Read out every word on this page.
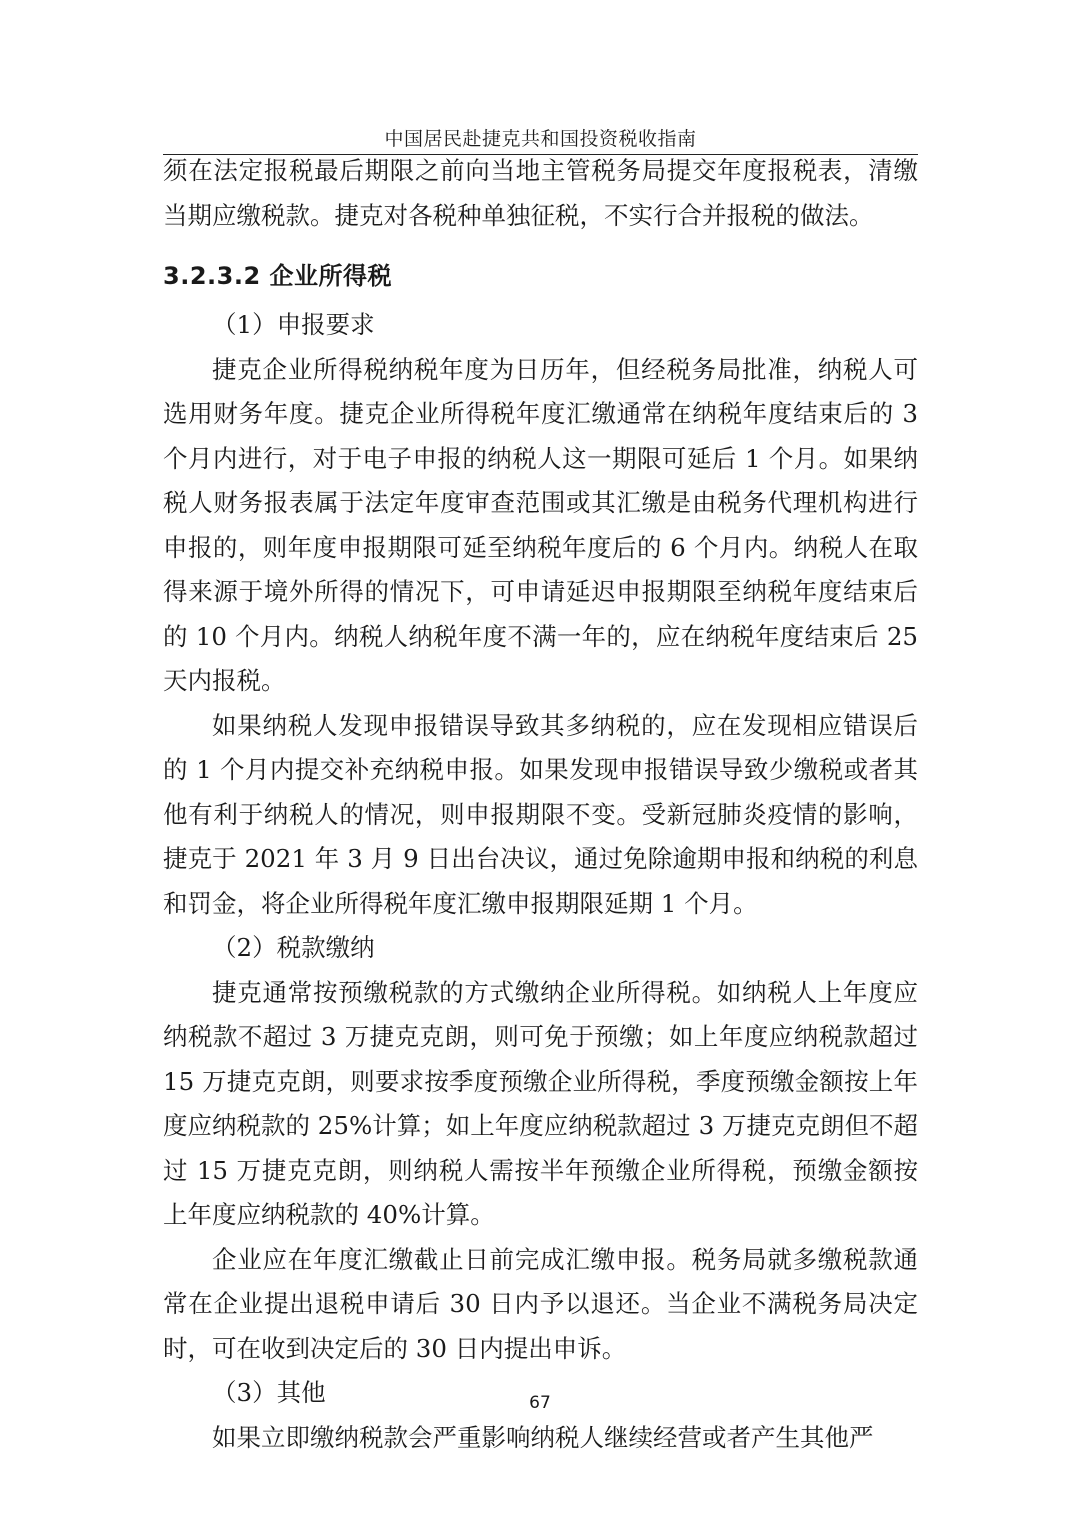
中国居民赴捷克共和国投资税收指南

须在法定报税最后期限之前向当地主管税务局提交年度报税表，清缴当期应缴税款。捷克对各税种单独征税，不实行合并报税的做法。

3.2.3.2 企业所得税

（1）申报要求

捷克企业所得税纳税年度为日历年，但经税务局批准，纳税人可选用财务年度。捷克企业所得税年度汇缴通常在纳税年度结束后的 3 个月内进行，对于电子申报的纳税人这一期限可延后 1 个月。如果纳税人财务报表属于法定年度审查范围或其汇缴是由税务代理机构进行申报的，则年度申报期限可延至纳税年度后的 6 个月内。纳税人在取得来源于境外所得的情况下，可申请延迟申报期限至纳税年度结束后的 10 个月内。纳税人纳税年度不满一年的，应在纳税年度结束后 25 天内报税。

如果纳税人发现申报错误导致其多纳税的，应在发现相应错误后的 1 个月内提交补充纳税申报。如果发现申报错误导致少缴税或者其他有利于纳税人的情况，则申报期限不变。受新冠肺炎疫情的影响，捷克于 2021 年 3 月 9 日出台决议，通过免除逾期申报和纳税的利息和罚金，将企业所得税年度汇缴申报期限延期 1 个月。

（2）税款缴纳

捷克通常按预缴税款的方式缴纳企业所得税。如纳税人上年度应纳税款不超过 3 万捷克克朗，则可免于预缴；如上年度应纳税款超过 15 万捷克克朗，则要求按季度预缴企业所得税，季度预缴金额按上年度应纳税款的 25%计算；如上年度应纳税款超过 3 万捷克克朗但不超过 15 万捷克克朗，则纳税人需按半年预缴企业所得税，预缴金额按上年度应纳税款的 40%计算。

企业应在年度汇缴截止日前完成汇缴申报。税务局就多缴税款通常在企业提出退税申请后 30 日内予以退还。当企业不满税务局决定时，可在收到决定后的 30 日内提出申诉。

（3）其他

如果立即缴纳税款会严重影响纳税人继续经营或者产生其他严

67
